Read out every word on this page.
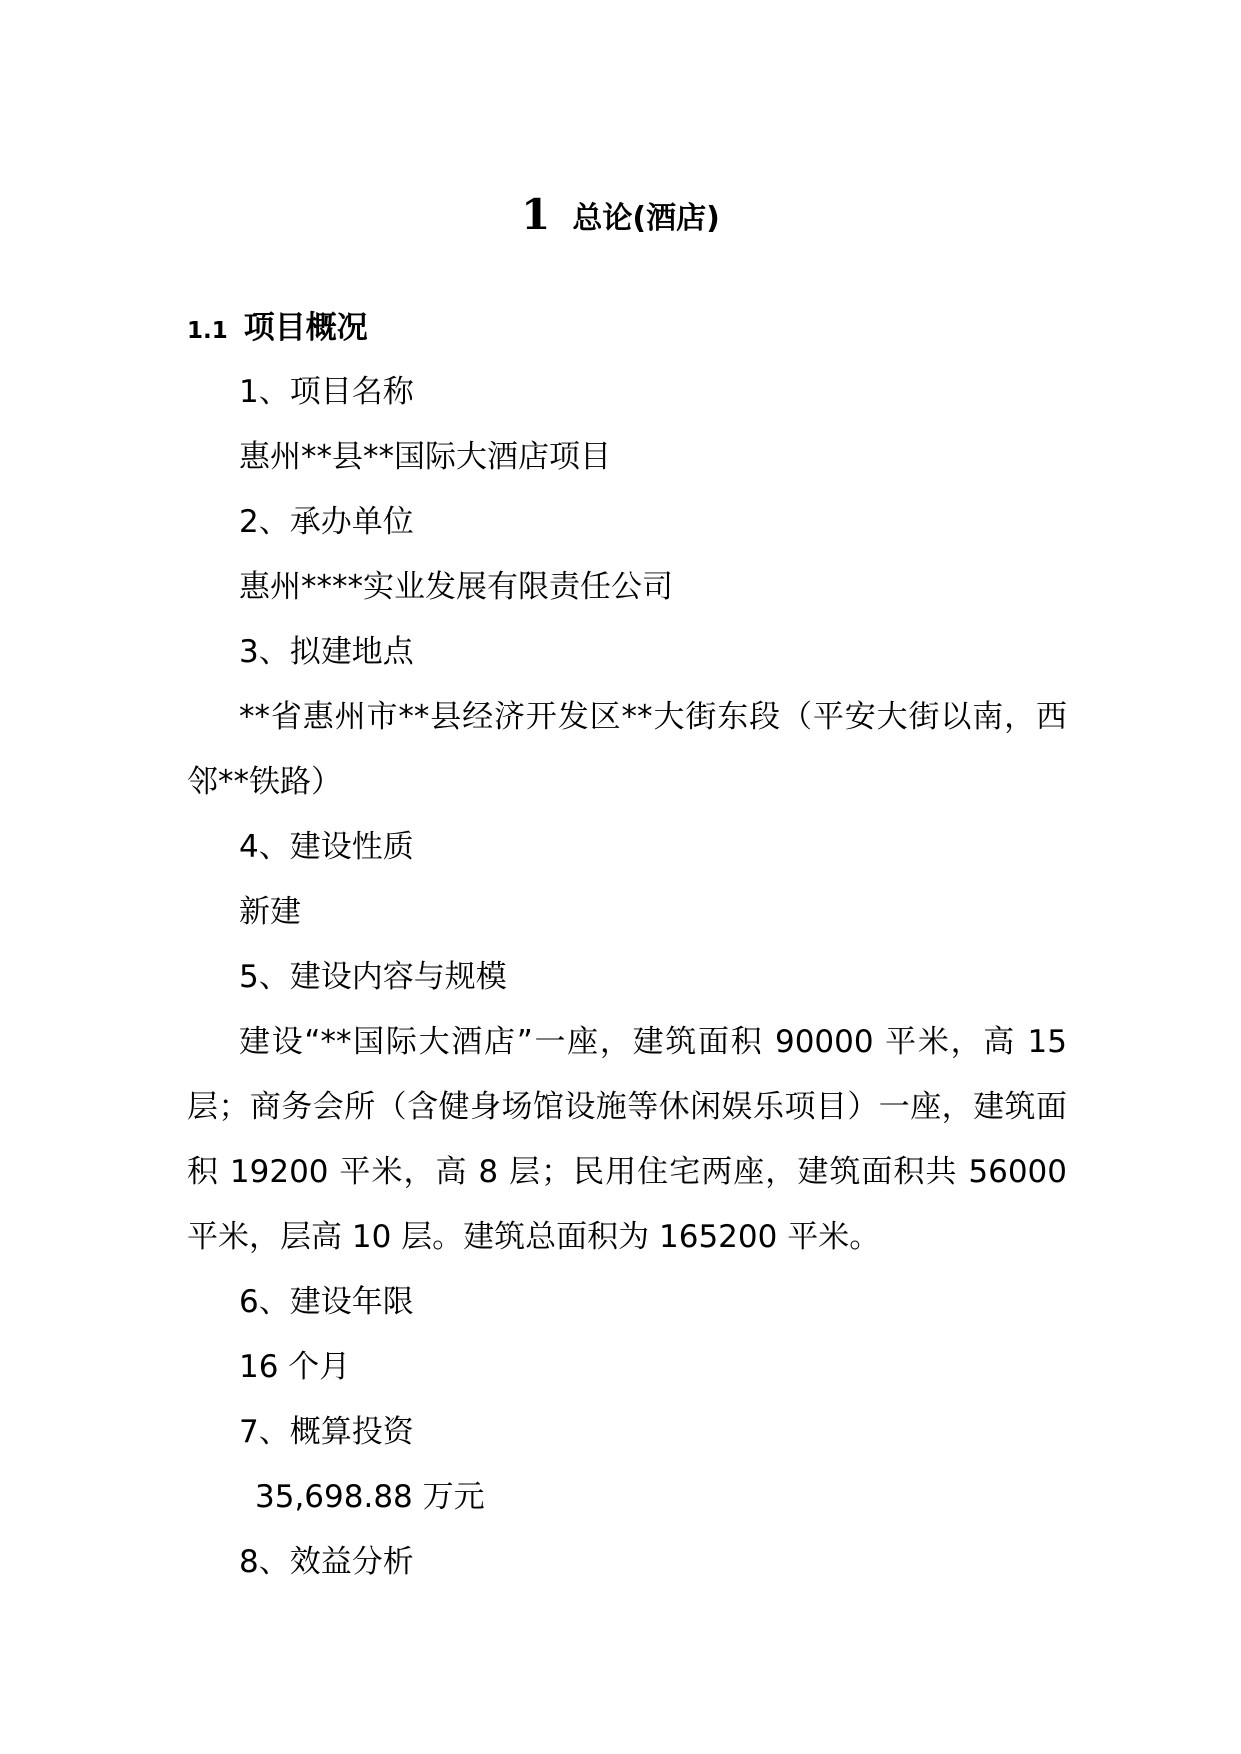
1 总论(酒店)
1.1 项目概况

1、项目名称

惠州**县**国际大酒店项目

2、承办单位

惠州****实业发展有限责任公司

3、拟建地点

**省惠州市**县经济开发区**大街东段（平安大街以南，西邻**铁路）

4、建设性质

新建

5、建设内容与规模

建设“**国际大酒店”一座，建筑面积 90000 平米，高 15 层；商务会所（含健身场馆设施等休闲娱乐项目）一座，建筑面积 19200 平米，高 8 层；民用住宅两座，建筑面积共 56000 平米，层高 10 层。建筑总面积为 165200 平米。

6、建设年限

16 个月

7、概算投资

35,698.88 万元

8、效益分析
